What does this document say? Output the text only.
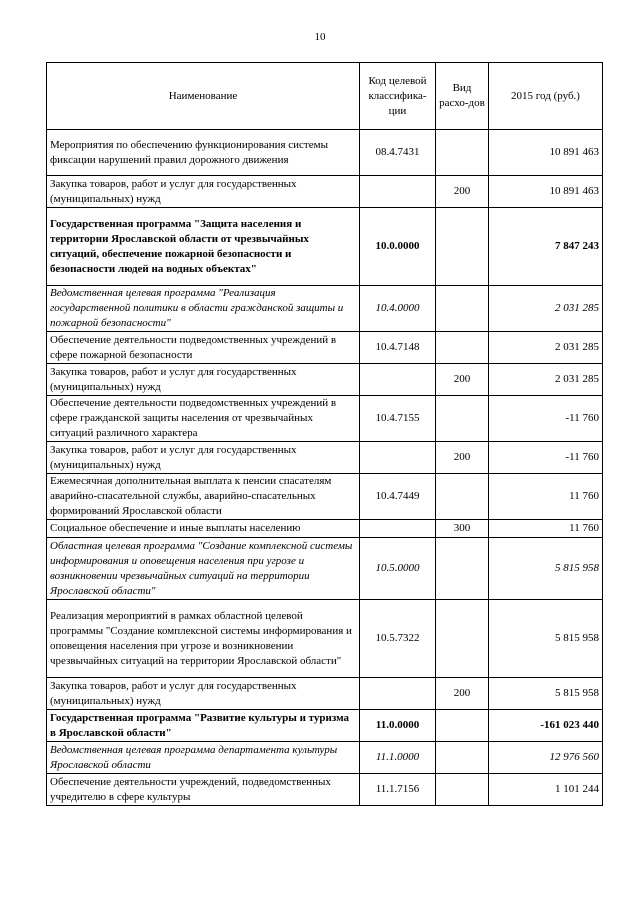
10
Наименование	Код целевой классифика-ции	Вид расхо-дов	2015 год (руб.)
Мероприятия по обеспечению функционирования системы фиксации нарушений правил дорожного движения	08.4.7431		10 891 463
Закупка товаров, работ и услуг для государственных (муниципальных) нужд		200	10 891 463
Государственная программа "Защита населения и территории Ярославской области от чрезвычайных ситуаций, обеспечение пожарной безопасности и безопасности людей на водных объектах"	10.0.0000		7 847 243
Ведомственная целевая программа "Реализация государственной политики в области гражданской защиты и пожарной безопасности"	10.4.0000		2 031 285
Обеспечение деятельности подведомственных учреждений в сфере пожарной безопасности	10.4.7148		2 031 285
Закупка товаров, работ и услуг для государственных (муниципальных) нужд		200	2 031 285
Обеспечение деятельности подведомственных учреждений в сфере гражданской защиты населения от чрезвычайных ситуаций различного характера	10.4.7155		-11 760
Закупка товаров, работ и услуг для государственных (муниципальных) нужд		200	-11 760
Ежемесячная дополнительная выплата к пенсии спасателям аварийно-спасательной службы, аварийно-спасательных формирований Ярославской области	10.4.7449		11 760
Социальное обеспечение и иные выплаты населению		300	11 760
Областная целевая программа "Создание комплексной системы информирования и оповещения населения при угрозе и возникновении чрезвычайных ситуаций на территории Ярославской области"	10.5.0000		5 815 958
Реализация мероприятий в рамках областной целевой программы "Создание комплексной системы информирования и оповещения населения при угрозе и возникновении чрезвычайных ситуаций на территории Ярославской области"	10.5.7322		5 815 958
Закупка товаров, работ и услуг для государственных (муниципальных) нужд		200	5 815 958
Государственная программа "Развитие культуры и туризма в Ярославской области"	11.0.0000		-161 023 440
Ведомственная целевая программа департамента культуры Ярославской области	11.1.0000		12 976 560
Обеспечение деятельности учреждений, подведомственных учредителю в сфере культуры	11.1.7156		1 101 244
